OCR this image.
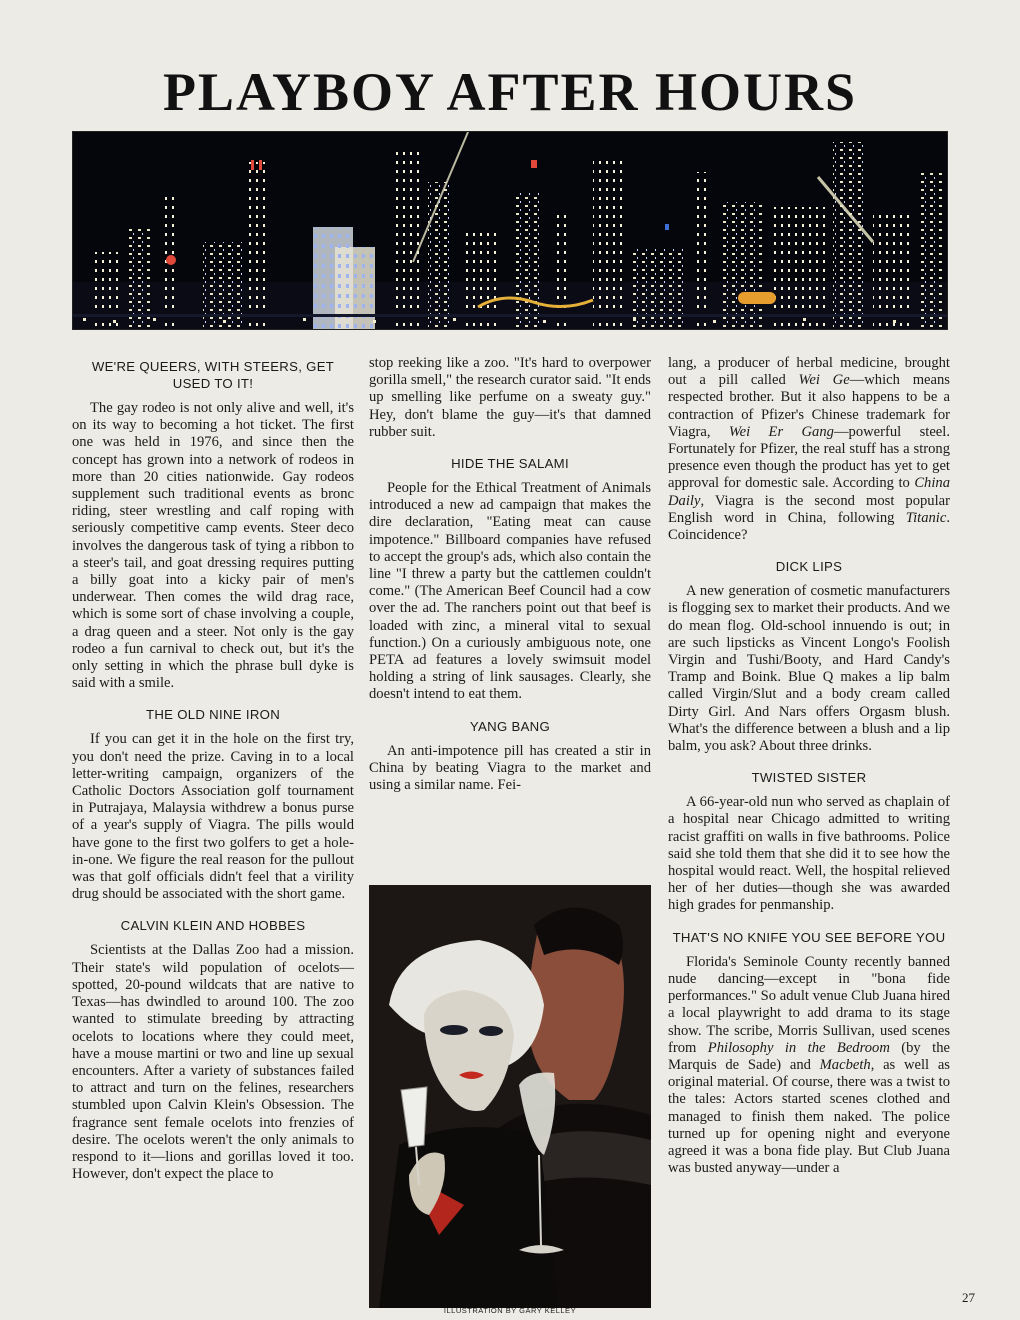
PLAYBOY AFTER HOURS
WE'RE QUEERS, WITH STEERS, GET USED TO IT!

The gay rodeo is not only alive and well, it's on its way to becoming a hot ticket. The first one was held in 1976, and since then the concept has grown into a network of rodeos in more than 20 cities nationwide. Gay rodeos supplement such traditional events as bronc riding, steer wrestling and calf roping with seriously competitive camp events. Steer deco involves the dangerous task of tying a ribbon to a steer's tail, and goat dressing requires putting a billy goat into a kicky pair of men's underwear. Then comes the wild drag race, which is some sort of chase involving a couple, a drag queen and a steer. Not only is the gay rodeo a fun carnival to check out, but it's the only setting in which the phrase bull dyke is said with a smile.

THE OLD NINE IRON

If you can get it in the hole on the first try, you don't need the prize. Caving in to a local letter-writing campaign, organizers of the Catholic Doctors Association golf tournament in Putrajaya, Malaysia withdrew a bonus purse of a year's supply of Viagra. The pills would have gone to the first two golfers to get a hole-in-one. We figure the real reason for the pullout was that golf officials didn't feel that a virility drug should be associated with the short game.

CALVIN KLEIN AND HOBBES

Scientists at the Dallas Zoo had a mission. Their state's wild population of ocelots—spotted, 20-pound wildcats that are native to Texas—has dwindled to around 100. The zoo wanted to stimulate breeding by attracting ocelots to locations where they could meet, have a mouse martini or two and line up sexual encounters. After a variety of substances failed to attract and turn on the felines, researchers stumbled upon Calvin Klein's Obsession. The fragrance sent female ocelots into frenzies of desire. The ocelots weren't the only animals to respond to it—lions and gorillas loved it too. However, don't expect the place to

stop reeking like a zoo. "It's hard to overpower gorilla smell," the research curator said. "It ends up smelling like perfume on a sweaty guy." Hey, don't blame the guy—it's that damned rubber suit.

HIDE THE SALAMI

People for the Ethical Treatment of Animals introduced a new ad campaign that makes the dire declaration, "Eating meat can cause impotence." Billboard companies have refused to accept the group's ads, which also contain the line "I threw a party but the cattlemen couldn't come." (The American Beef Council had a cow over the ad. The ranchers point out that beef is loaded with zinc, a mineral vital to sexual function.) On a curiously ambiguous note, one PETA ad features a lovely swimsuit model holding a string of link sausages. Clearly, she doesn't intend to eat them.

YANG BANG

An anti-impotence pill has created a stir in China by beating Viagra to the market and using a similar name. Fei-

lang, a producer of herbal medicine, brought out a pill called Wei Ge—which means respected brother. But it also happens to be a contraction of Pfizer's Chinese trademark for Viagra, Wei Er Gang—powerful steel. Fortunately for Pfizer, the real stuff has a strong presence even though the product has yet to get approval for domestic sale. According to China Daily, Viagra is the second most popular English word in China, following Titanic. Coincidence?

DICK LIPS

A new generation of cosmetic manufacturers is flogging sex to market their products. And we do mean flog. Old-school innuendo is out; in are such lipsticks as Vincent Longo's Foolish Virgin and Tushi/Booty, and Hard Candy's Tramp and Boink. Blue Q makes a lip balm called Virgin/Slut and a body cream called Dirty Girl. And Nars offers Orgasm blush. What's the difference between a blush and a lip balm, you ask? About three drinks.

TWISTED SISTER

A 66-year-old nun who served as chaplain of a hospital near Chicago admitted to writing racist graffiti on walls in five bathrooms. Police said she told them that she did it to see how the hospital would react. Well, the hospital relieved her of her duties—though she was awarded high grades for penmanship.

THAT'S NO KNIFE YOU SEE BEFORE YOU

Florida's Seminole County recently banned nude dancing—except in "bona fide performances." So adult venue Club Juana hired a local playwright to add drama to its stage show. The scribe, Morris Sullivan, used scenes from Philosophy in the Bedroom (by the Marquis de Sade) and Macbeth, as well as original material. Of course, there was a twist to the tales: Actors started scenes clothed and managed to finish them naked. The police turned up for opening night and everyone agreed it was a bona fide play. But Club Juana was busted anyway—under a

27
ILLUSTRATION BY GARY KELLEY
